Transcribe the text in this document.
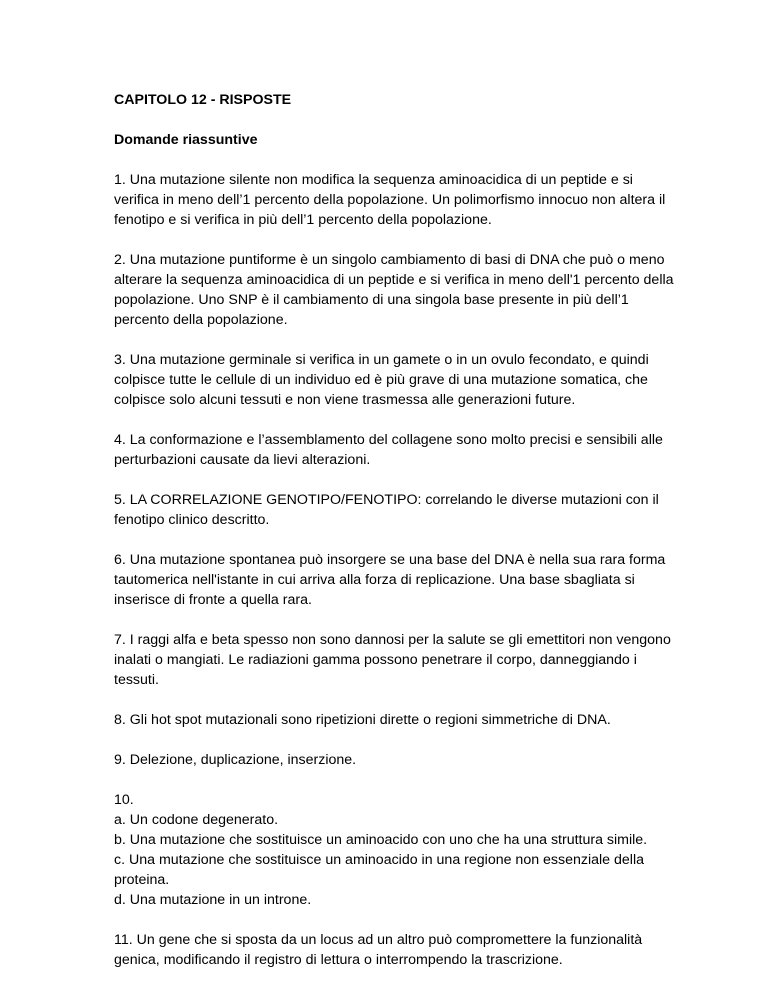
CAPITOLO 12 - RISPOSTE

Domande riassuntive

1. Una mutazione silente non modifica la sequenza aminoacidica di un peptide e si verifica in meno dell’1 percento della popolazione. Un polimorfismo innocuo non altera il fenotipo e si verifica in più dell’1 percento della popolazione.

2. Una mutazione puntiforme è un singolo cambiamento di basi di DNA che può o meno alterare la sequenza aminoacidica di un peptide e si verifica in meno dell'1 percento della popolazione. Uno SNP è il cambiamento di una singola base presente in più dell’1 percento della popolazione.

3. Una mutazione germinale si verifica in un gamete o in un ovulo fecondato, e quindi colpisce tutte le cellule di un individuo ed è più grave di una mutazione somatica, che colpisce solo alcuni tessuti e non viene trasmessa alle generazioni future.

4. La conformazione e l’assemblamento del collagene sono molto precisi e sensibili alle perturbazioni causate da lievi alterazioni.

5. LA CORRELAZIONE GENOTIPO/FENOTIPO: correlando le diverse mutazioni con il fenotipo clinico descritto.

6. Una mutazione spontanea può insorgere se una base del DNA è nella sua rara forma tautomerica nell'istante in cui arriva alla forza di replicazione. Una base sbagliata si inserisce di fronte a quella rara.

7. I raggi alfa e beta spesso non sono dannosi per la salute se gli emettitori non vengono inalati o mangiati. Le radiazioni gamma possono penetrare il corpo, danneggiando i tessuti.

8. Gli hot spot mutazionali sono ripetizioni dirette o regioni simmetriche di DNA.

9. Delezione, duplicazione, inserzione.

10.

a. Un codone degenerato.

b. Una mutazione che sostituisce un aminoacido con uno che ha una struttura simile.

c. Una mutazione che sostituisce un aminoacido in una regione non essenziale della proteina.

d. Una mutazione in un introne.

11. Un gene che si sposta da un locus ad un altro può compromettere la funzionalità genica, modificando il registro di lettura o interrompendo la trascrizione.
